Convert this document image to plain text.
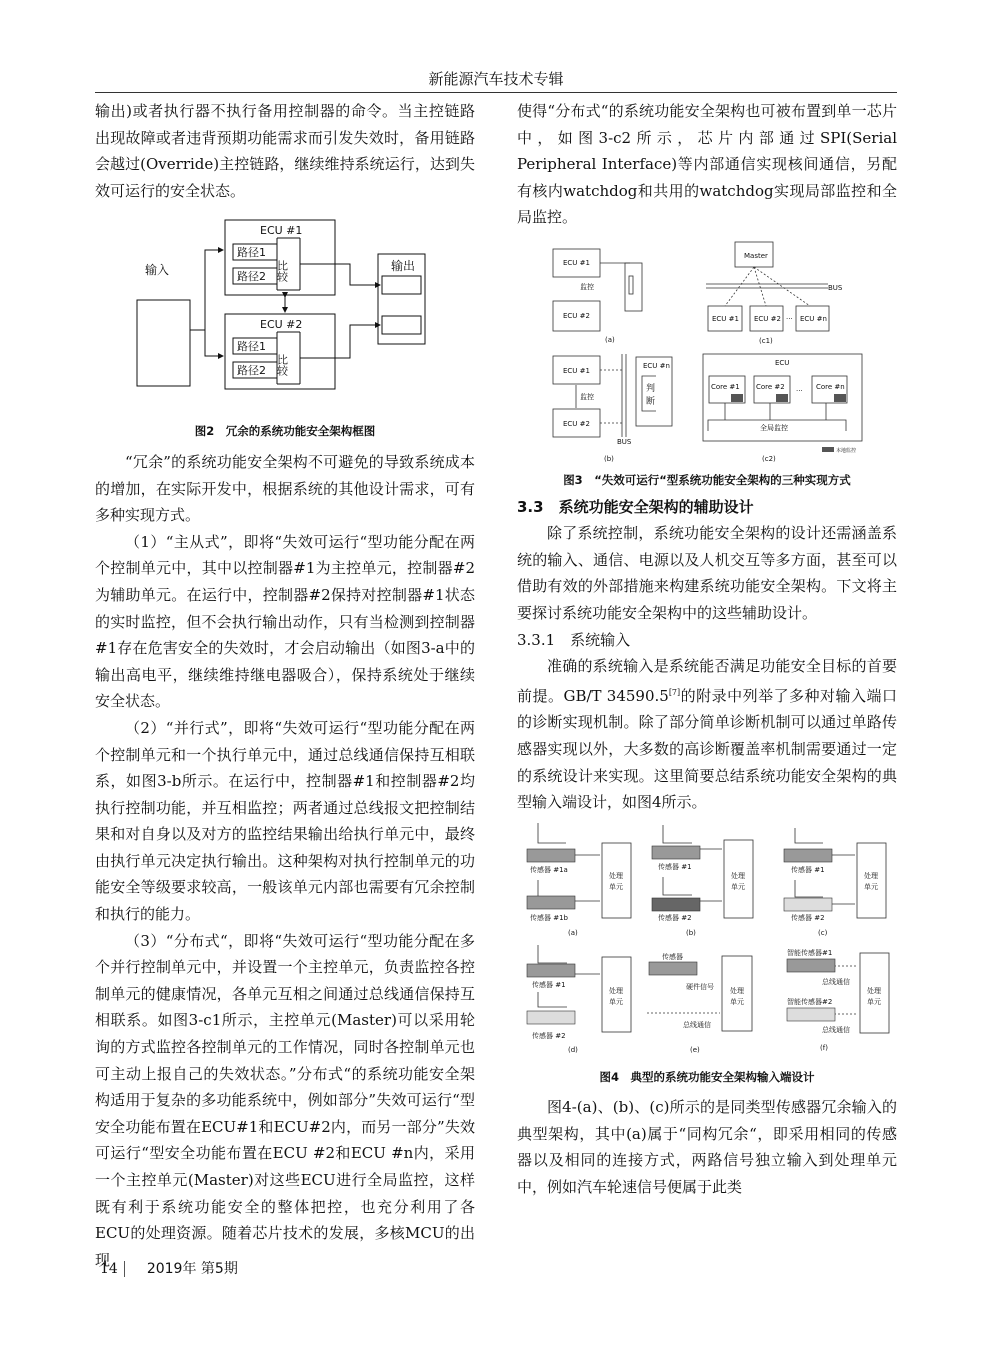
新能源汽车技术专辑

输出)或者执行器不执行备用控制器的命令。当主控链路出现故障或者违背预期功能需求而引发失效时，备用链路会越过(Override)主控链路，继续维持系统运行，达到失效可运行的安全状态。

输入
ECU #1
路径1
路径2
ECU #2
路径1
路径2
比较
比较
输出

图2　冗余的系统功能安全架构框图

“冗余”的系统功能安全架构不可避免的导致系统成本的增加，在实际开发中，根据系统的其他设计需求，可有多种实现方式。

（1）“主从式”，即将“失效可运行“型功能分配在两个控制单元中，其中以控制器#1为主控单元，控制器#2为辅助单元。在运行中，控制器#2保持对控制器#1状态的实时监控，但不会执行输出动作，只有当检测到控制器#1存在危害安全的失效时，才会启动输出（如图3-a中的输出高电平，继续维持继电器吸合），保持系统处于继续安全状态。

（2）“并行式”，即将“失效可运行“型功能分配在两个控制单元和一个执行单元中，通过总线通信保持互相联系，如图3-b所示。在运行中，控制器#1和控制器#2均执行控制功能，并互相监控；两者通过总线报文把控制结果和对自身以及对方的监控结果输出给执行单元中，最终由执行单元决定执行输出。这种架构对执行控制单元的功能安全等级要求较高，一般该单元内部也需要有冗余控制和执行的能力。

（3）“分布式“，即将“失效可运行“型功能分配在多个并行控制单元中，并设置一个主控单元，负责监控各控制单元的健康情况，各单元互相之间通过总线通信保持互相联系。如图3-c1所示，主控单元(Master)可以采用轮询的方式监控各控制单元的工作情况，同时各控制单元也可主动上报自己的失效状态。”分布式“的系统功能安全架构适用于复杂的多功能系统中，例如部分”失效可运行“型安全功能布置在ECU#1和ECU#2内，而另一部分”失效可运行“型安全功能布置在ECU #2和ECU #n内，采用一个主控单元(Master)对这些ECU进行全局监控，这样既有利于系统功能安全的整体把控，也充分利用了各ECU的处理资源。随着芯片技术的发展，多核MCU的出现

使得“分布式“的系统功能安全架构也可被布置到单一芯片中，如图3-c2所示，芯片内部通过SPI(Serial Peripheral Interface)等内部通信实现核间通信，另配有核内watchdog和共用的watchdog实现局部监控和全局监控。

ECU #1
ECU #2
监控
(a)
Master
BUS
ECU #1 ECU #2 ··· ECU #n
(c1)
ECU #1
ECU #2
监控
ECU #n
判
断
BUS
(b)
ECU
Core #1 Core #2 ··· Core #n
全局监控
本地监控
(c2)

图3　“失效可运行“型系统功能安全架构的三种实现方式

3.3　系统功能安全架构的辅助设计

除了系统控制，系统功能安全架构的设计还需涵盖系统的输入、通信、电源以及人机交互等多方面，甚至可以借助有效的外部措施来构建系统功能安全架构。下文将主要探讨系统功能安全架构中的这些辅助设计。

3.3.1　系统输入

准确的系统输入是系统能否满足功能安全目标的首要前提。GB/T 34590.5[7]的附录中列举了多种对输入端口的诊断实现机制。除了部分简单诊断机制可以通过单路传感器实现以外，大多数的高诊断覆盖率机制需要通过一定的系统设计来实现。这里简要总结系统功能安全架构的典型输入端设计，如图4所示。

传感器 #1a
传感器 #1b
传感器 #1
传感器 #2
传感器 #1
传感器 #2
传感器 #1
传感器 #2
传感器
硬件信号
总线通信
智能传感器#1
总线通信
智能传感器#2
总线通信
处理
单元
处理
单元
处理
单元
处理
单元
处理
单元
处理
单元
(a)	(b)	(c)
(d)	(e)	(f)

图4　典型的系统功能安全架构输入端设计

图4-(a)、(b)、(c)所示的是同类型传感器冗余输入的典型架构，其中(a)属于“同构冗余“，即采用相同的传感器以及相同的连接方式，两路信号独立输入到处理单元中，例如汽车轮速信号便属于此类

14 2019年 第5期
